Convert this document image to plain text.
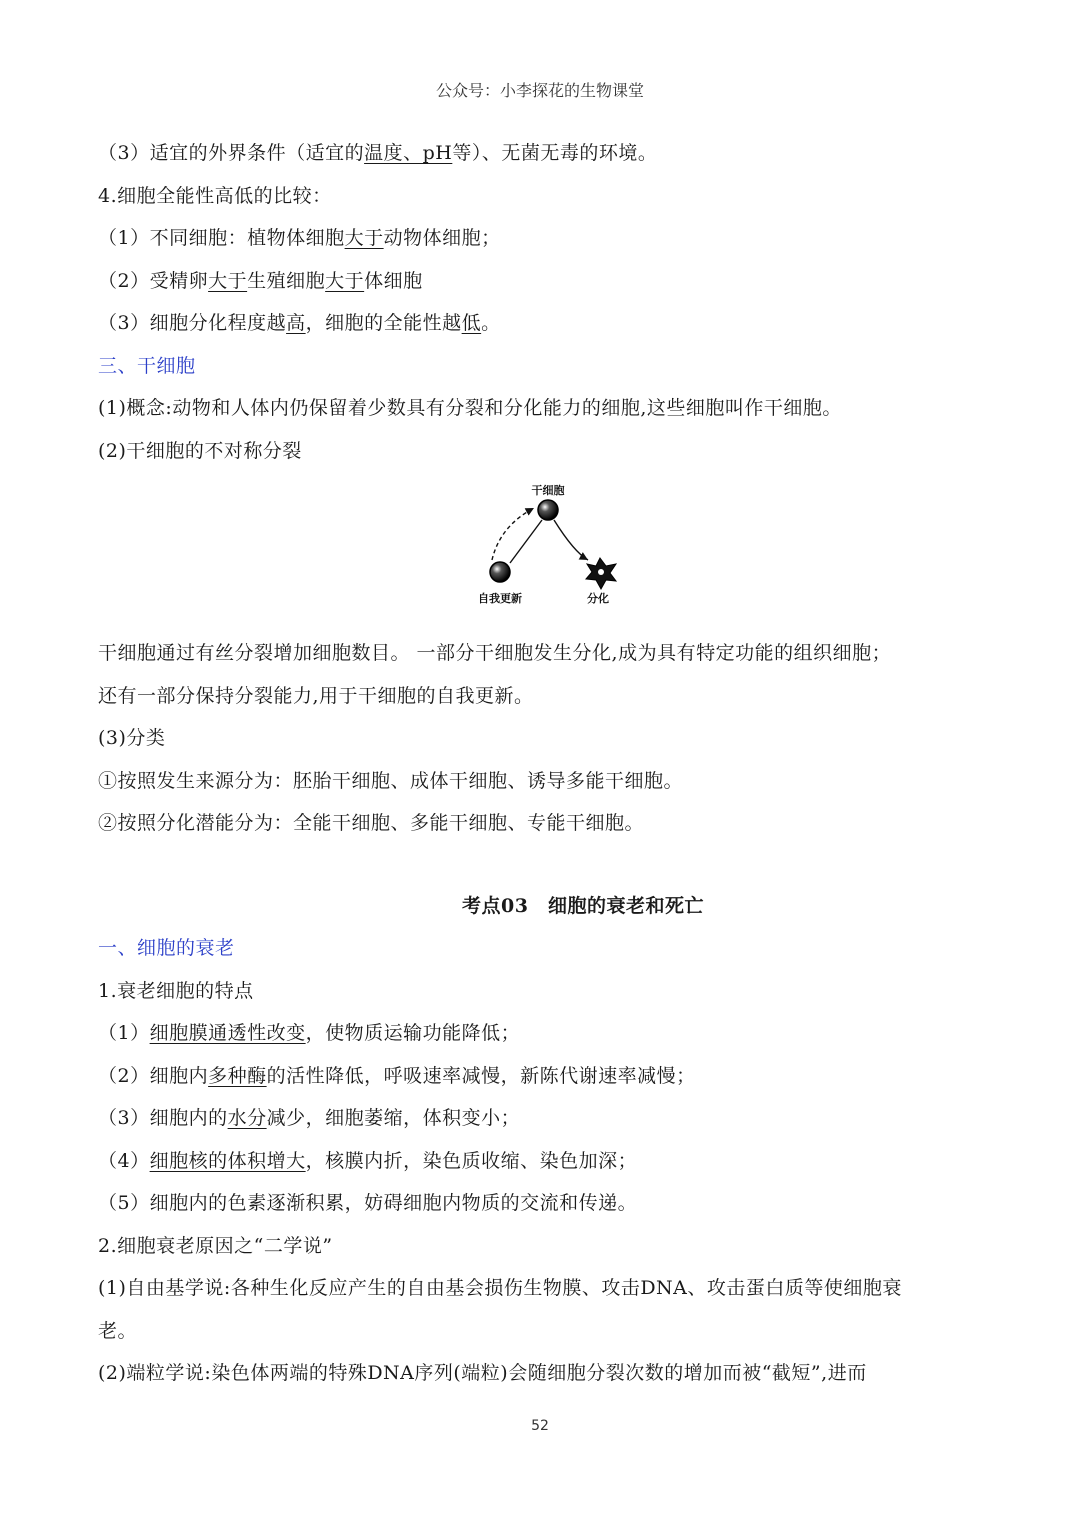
公众号：小李探花的生物课堂
（3）适宜的外界条件（适宜的温度、pH等）、无菌无毒的环境。
4.细胞全能性高低的比较：
（1）不同细胞：植物体细胞大于动物体细胞；
（2）受精卵大于生殖细胞大于体细胞
（3）细胞分化程度越高，细胞的全能性越低。
三、干细胞
(1)概念:动物和人体内仍保留着少数具有分裂和分化能力的细胞,这些细胞叫作干细胞。
(2)干细胞的不对称分裂
干细胞
自我更新	分化
干细胞通过有丝分裂增加细胞数目。 一部分干细胞发生分化,成为具有特定功能的组织细胞；
还有一部分保持分裂能力,用于干细胞的自我更新。
(3)分类
①按照发生来源分为：胚胎干细胞、成体干细胞、诱导多能干细胞。
②按照分化潜能分为：全能干细胞、多能干细胞、专能干细胞。
考点03　细胞的衰老和死亡
一、细胞的衰老
1.衰老细胞的特点
（1）细胞膜通透性改变，使物质运输功能降低；
（2）细胞内多种酶的活性降低，呼吸速率减慢，新陈代谢速率减慢；
（3）细胞内的水分减少，细胞萎缩，体积变小；
（4）细胞核的体积增大，核膜内折，染色质收缩、染色加深；
（5）细胞内的色素逐渐积累，妨碍细胞内物质的交流和传递。
2.细胞衰老原因之“二学说”
(1)自由基学说:各种生化反应产生的自由基会损伤生物膜、攻击DNA、攻击蛋白质等使细胞衰
老。
(2)端粒学说:染色体两端的特殊DNA序列(端粒)会随细胞分裂次数的增加而被“截短”,进而
52
